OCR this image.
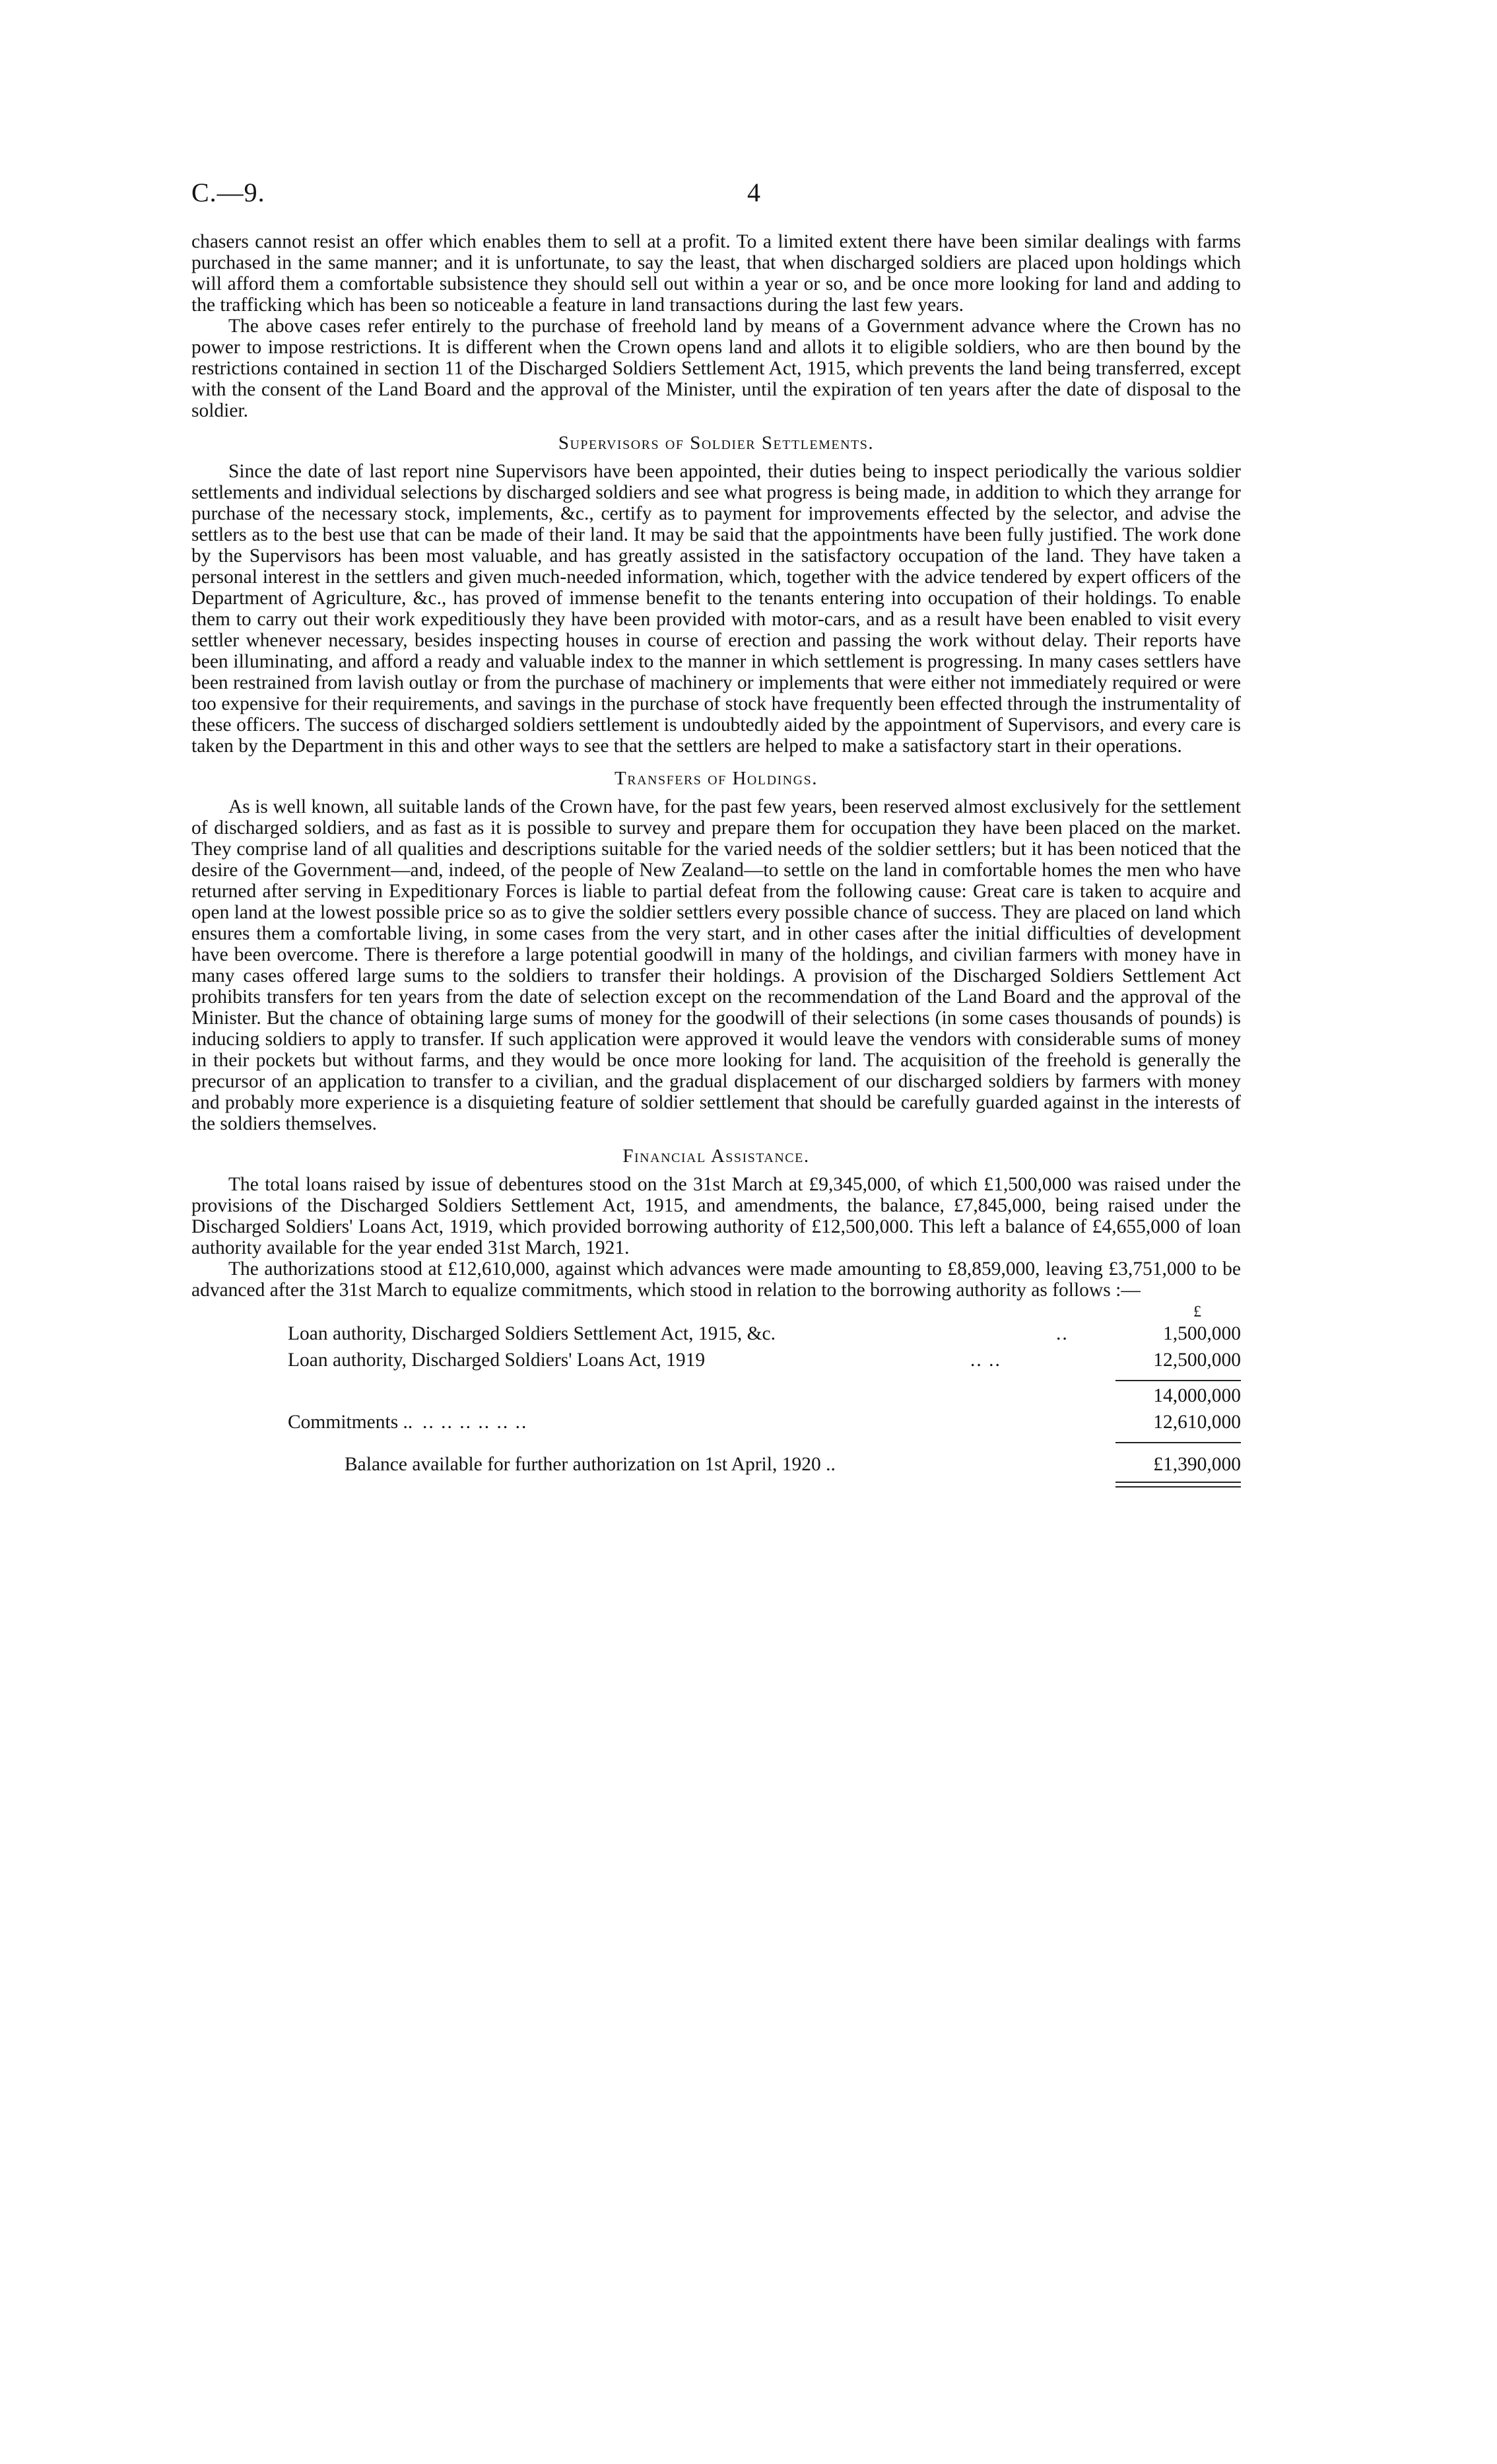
C.—9.	4

chasers cannot resist an offer which enables them to sell at a profit. To a limited extent there have been similar dealings with farms purchased in the same manner; and it is unfortunate, to say the least, that when discharged soldiers are placed upon holdings which will afford them a comfortable subsistence they should sell out within a year or so, and be once more looking for land and adding to the trafficking which has been so noticeable a feature in land transactions during the last few years.

The above cases refer entirely to the purchase of freehold land by means of a Government advance where the Crown has no power to impose restrictions. It is different when the Crown opens land and allots it to eligible soldiers, who are then bound by the restrictions contained in section 11 of the Discharged Soldiers Settlement Act, 1915, which prevents the land being transferred, except with the consent of the Land Board and the approval of the Minister, until the expiration of ten years after the date of disposal to the soldier.

Supervisors of Soldier Settlements.

Since the date of last report nine Supervisors have been appointed, their duties being to inspect periodically the various soldier settlements and individual selections by discharged soldiers and see what progress is being made, in addition to which they arrange for purchase of the necessary stock, implements, &c., certify as to payment for improvements effected by the selector, and advise the settlers as to the best use that can be made of their land. It may be said that the appointments have been fully justified. The work done by the Supervisors has been most valuable, and has greatly assisted in the satisfactory occupation of the land. They have taken a personal interest in the settlers and given much-needed information, which, together with the advice tendered by expert officers of the Department of Agriculture, &c., has proved of immense benefit to the tenants entering into occupation of their holdings. To enable them to carry out their work expeditiously they have been provided with motor-cars, and as a result have been enabled to visit every settler whenever necessary, besides inspecting houses in course of erection and passing the work without delay. Their reports have been illuminating, and afford a ready and valuable index to the manner in which settlement is progressing. In many cases settlers have been restrained from lavish outlay or from the purchase of machinery or implements that were either not immediately required or were too expensive for their requirements, and savings in the purchase of stock have frequently been effected through the instrumentality of these officers. The success of discharged soldiers settlement is undoubtedly aided by the appointment of Supervisors, and every care is taken by the Department in this and other ways to see that the settlers are helped to make a satisfactory start in their operations.

Transfers of Holdings.

As is well known, all suitable lands of the Crown have, for the past few years, been reserved almost exclusively for the settlement of discharged soldiers, and as fast as it is possible to survey and prepare them for occupation they have been placed on the market. They comprise land of all qualities and descriptions suitable for the varied needs of the soldier settlers; but it has been noticed that the desire of the Government—and, indeed, of the people of New Zealand—to settle on the land in comfortable homes the men who have returned after serving in Expeditionary Forces is liable to partial defeat from the following cause: Great care is taken to acquire and open land at the lowest possible price so as to give the soldier settlers every possible chance of success. They are placed on land which ensures them a comfortable living, in some cases from the very start, and in other cases after the initial difficulties of development have been overcome. There is therefore a large potential goodwill in many of the holdings, and civilian farmers with money have in many cases offered large sums to the soldiers to transfer their holdings. A provision of the Discharged Soldiers Settlement Act prohibits transfers for ten years from the date of selection except on the recommendation of the Land Board and the approval of the Minister. But the chance of obtaining large sums of money for the goodwill of their selections (in some cases thousands of pounds) is inducing soldiers to apply to transfer. If such application were approved it would leave the vendors with considerable sums of money in their pockets but without farms, and they would be once more looking for land. The acquisition of the freehold is generally the precursor of an application to transfer to a civilian, and the gradual displacement of our discharged soldiers by farmers with money and probably more experience is a disquieting feature of soldier settlement that should be carefully guarded against in the interests of the soldiers themselves.

Financial Assistance.

The total loans raised by issue of debentures stood on the 31st March at £9,345,000, of which £1,500,000 was raised under the provisions of the Discharged Soldiers Settlement Act, 1915, and amendments, the balance, £7,845,000, being raised under the Discharged Soldiers' Loans Act, 1919, which provided borrowing authority of £12,500,000. This left a balance of £4,655,000 of loan authority available for the year ended 31st March, 1921.

The authorizations stood at £12,610,000, against which advances were made amounting to £8,859,000, leaving £3,751,000 to be advanced after the 31st March to equalize commitments, which stood in relation to the borrowing authority as follows :—

£
Loan authority, Discharged Soldiers Settlement Act, 1915, &c.	..	1,500,000
Loan authority, Discharged Soldiers' Loans Act, 1919	.. ..	12,500,000
14,000,000
Commitments .. .. .. .. .. .. ..	12,610,000
Balance available for further authorization on 1st April, 1920 ..	£1,390,000
